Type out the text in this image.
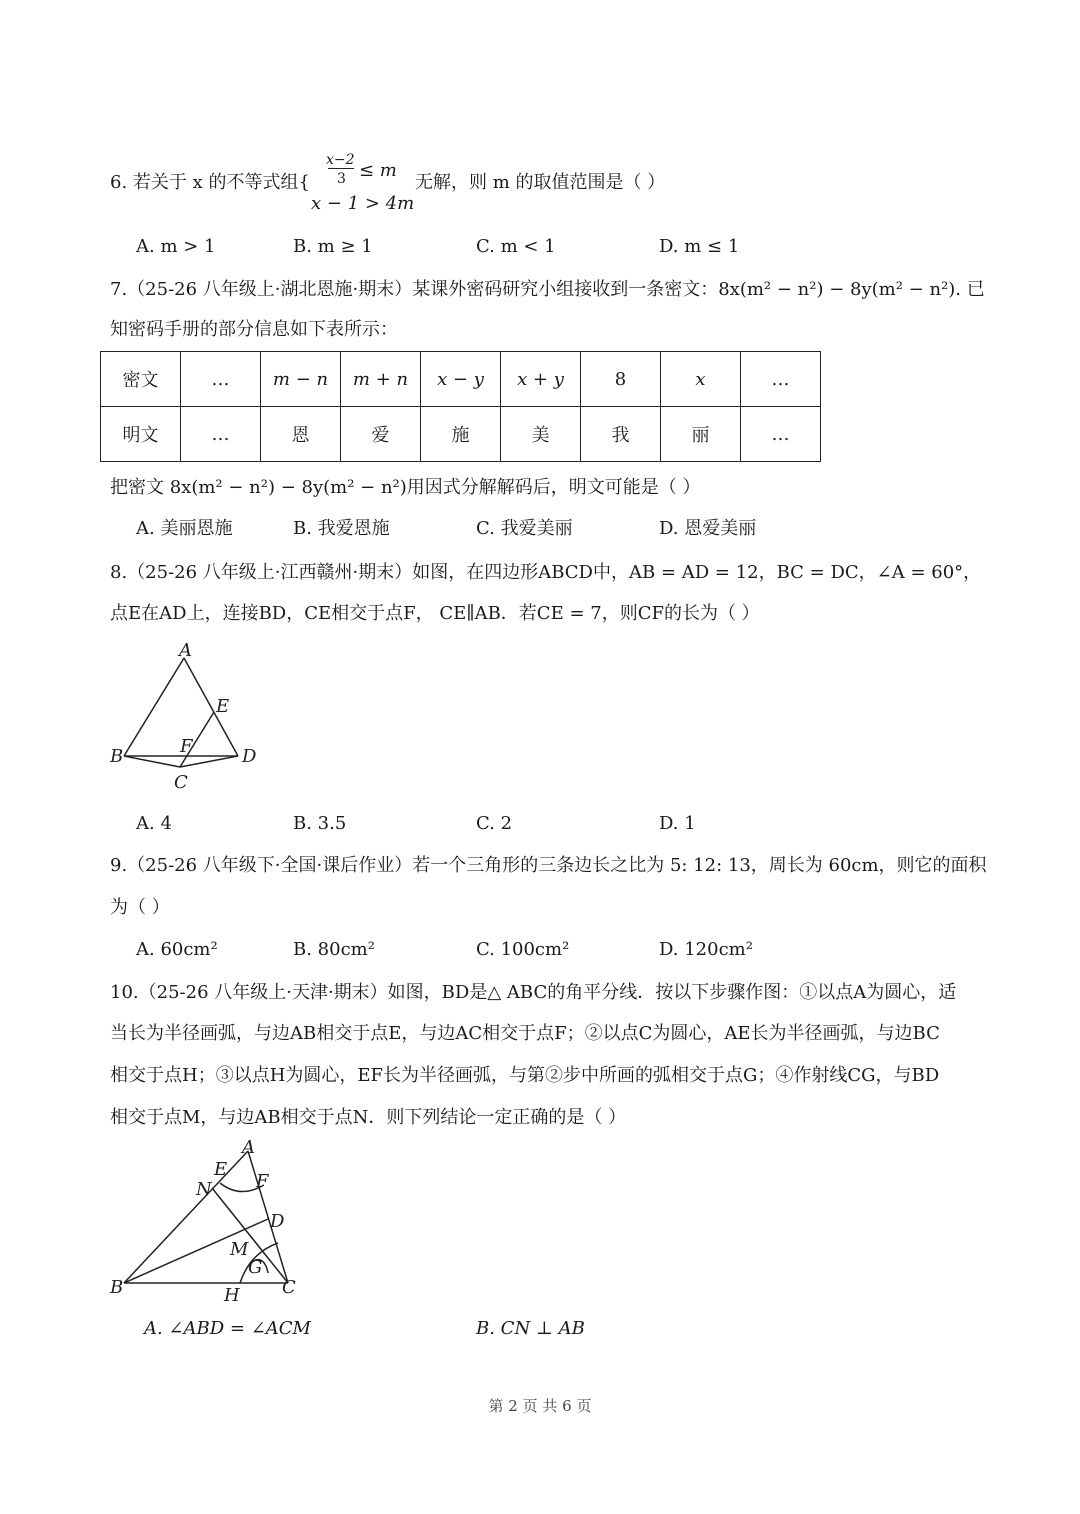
6. 若关于 x 的不等式组{
x−2
3 ≤ m
x − 1 > 4m
无解，则 m 的取值范围是（ ）
A. m > 1	B. m ≥ 1	C. m < 1	D. m ≤ 1
7.（25-26 八年级上·湖北恩施·期末）某课外密码研究小组接收到一条密文：8x(m² − n²) − 8y(m² − n²). 已
知密码手册的部分信息如下表所示：
密文	…	m − n	m + n	x − y	x + y	8	x	…
明文	…	恩	爱	施	美	我	丽	…
把密文 8x(m² − n²) − 8y(m² − n²)用因式分解解码后，明文可能是（ ）
A. 美丽恩施	B. 我爱恩施	C. 我爱美丽	D. 恩爱美丽
8.（25-26 八年级上·江西赣州·期末）如图，在四边形ABCD中，AB = AD = 12，BC = DC，∠A = 60°，
点E在AD上，连接BD，CE相交于点F， CE∥AB．若CE = 7，则CF的长为（ ）
A
E
F
B	D
C
A. 4	B. 3.5	C. 2	D. 1
9.（25-26 八年级下·全国·课后作业）若一个三角形的三条边长之比为 5: 12: 13，周长为 60cm，则它的面积
为（ ）
A. 60cm²	B. 80cm²	C. 100cm²	D. 120cm²
10.（25-26 八年级上·天津·期末）如图，BD是△ ABC的角平分线．按以下步骤作图：①以点A为圆心，适
当长为半径画弧，与边AB相交于点E，与边AC相交于点F；②以点C为圆心，AE长为半径画弧，与边BC
相交于点H；③以点H为圆心，EF长为半径画弧，与第②步中所画的弧相交于点G；④作射线CG，与BD
相交于点M，与边AB相交于点N．则下列结论一定正确的是（ ）
A
E
F
N
D
M
G
B	H C
A. ∠ABD = ∠ACM	B. CN ⊥ AB
第 2 页 共 6 页
